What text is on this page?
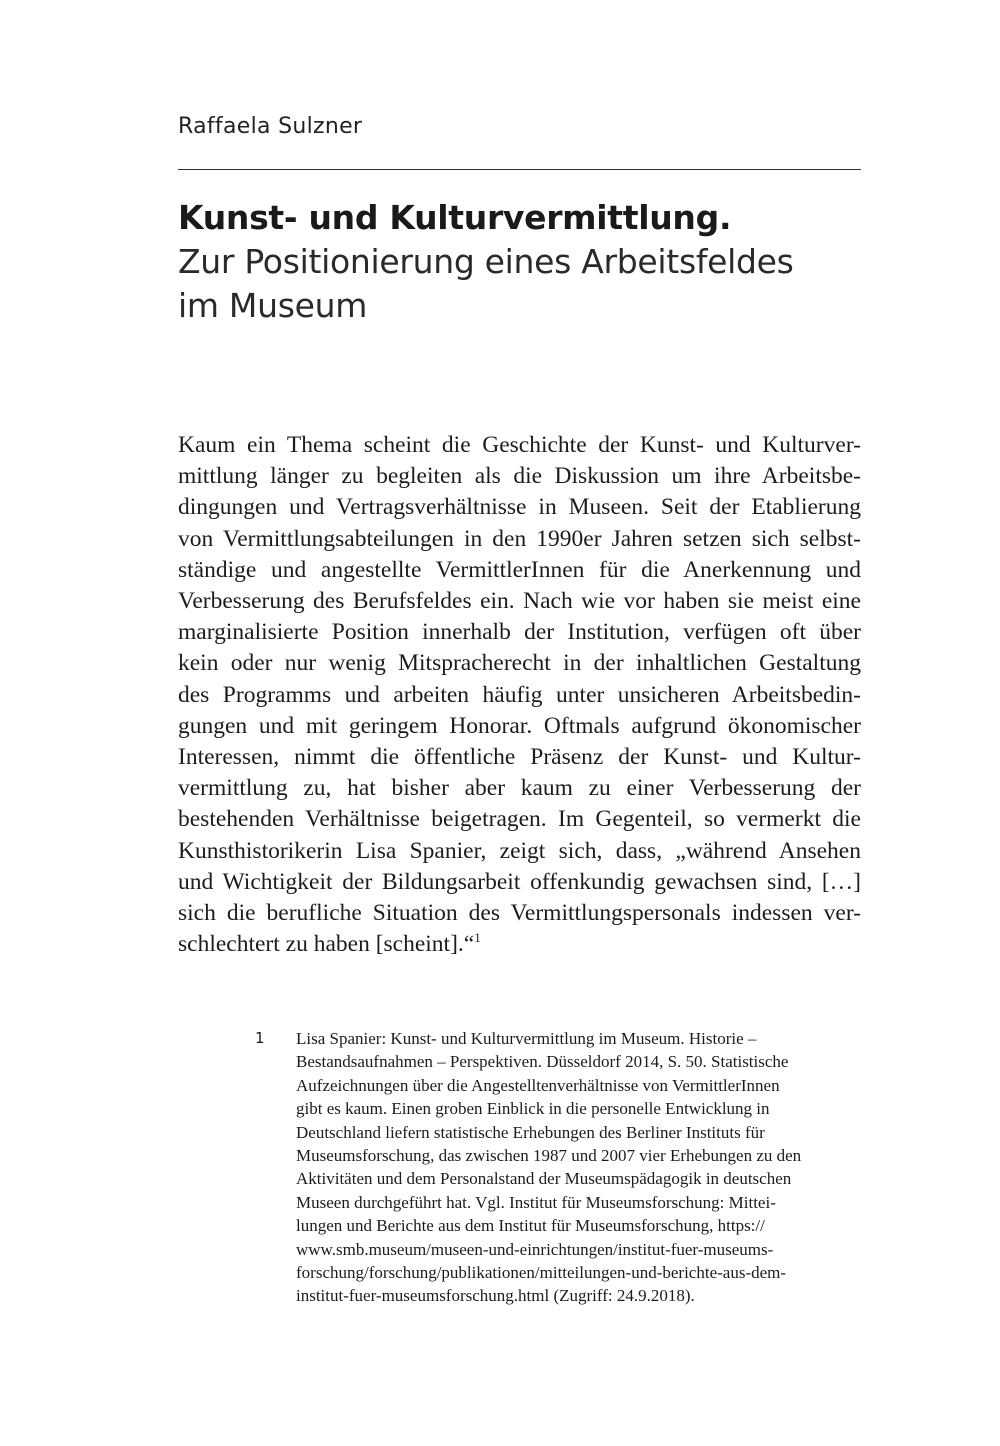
Raffaela Sulzner
Kunst- und Kulturvermittlung.
Zur Positionierung eines Arbeitsfeldes
im Museum
Kaum ein Thema scheint die Geschichte der Kunst- und Kulturver-
mittlung länger zu begleiten als die Diskussion um ihre Arbeitsbe-
dingungen und Vertragsverhältnisse in Museen. Seit der Etablierung
von Vermittlungsabteilungen in den 1990er Jahren setzen sich selbst-
ständige und angestellte VermittlerInnen für die Anerkennung und
Verbesserung des Berufsfeldes ein. Nach wie vor haben sie meist eine
marginalisierte Position innerhalb der Institution, verfügen oft über
kein oder nur wenig Mitspracherecht in der inhaltlichen Gestaltung
des Programms und arbeiten häufig unter unsicheren Arbeitsbedin-
gungen und mit geringem Honorar. Oftmals aufgrund ökonomischer
Interessen, nimmt die öffentliche Präsenz der Kunst- und Kultur-
vermittlung zu, hat bisher aber kaum zu einer Verbesserung der
bestehenden Verhältnisse beigetragen. Im Gegenteil, so vermerkt die
Kunsthistorikerin Lisa Spanier, zeigt sich, dass, „während Ansehen
und Wichtigkeit der Bildungsarbeit offenkundig gewachsen sind, […]
sich die berufliche Situation des Vermittlungspersonals indessen ver-
schlechtert zu haben [scheint].“$^1$
1 Lisa Spanier: Kunst- und Kulturvermittlung im Museum. Historie –
Bestandsaufnahmen – Perspektiven. Düsseldorf 2014, S. 50. Statistische
Aufzeichnungen über die Angestelltenverhältnisse von VermittlerInnen
gibt es kaum. Einen groben Einblick in die personelle Entwicklung in
Deutschland liefern statistische Erhebungen des Berliner Instituts für
Museumsforschung, das zwischen 1987 und 2007 vier Erhebungen zu den
Aktivitäten und dem Personalstand der Museumspädagogik in deutschen
Museen durchgeführt hat. Vgl. Institut für Museumsforschung: Mittei-
lungen und Berichte aus dem Institut für Museumsforschung, https://
www.smb.museum/museen-und-einrichtungen/institut-fuer-museums-
forschung/forschung/publikationen/mitteilungen-und-berichte-aus-dem-
institut-fuer-museumsforschung.html (Zugriff: 24.9.2018).
